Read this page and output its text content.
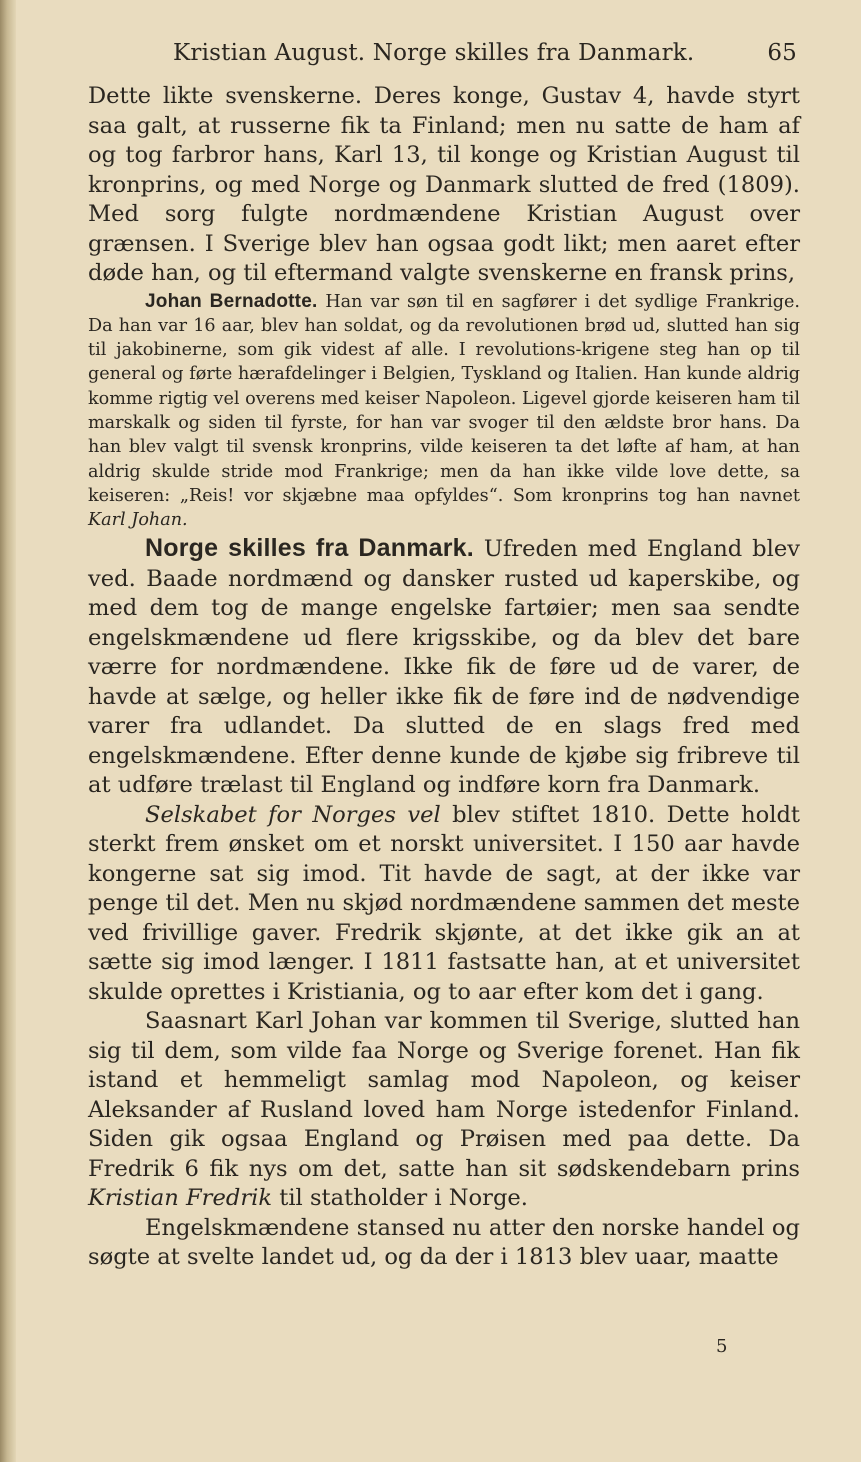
Kristian August. Norge skilles fra Danmark.	65

Dette likte svenskerne. Deres konge, Gustav 4, havde styrt saa galt, at russerne fik ta Finland; men nu satte de ham af og tog farbror hans, Karl 13, til konge og Kristian August til kronprins, og med Norge og Danmark slutted de fred (1809). Med sorg fulgte nordmændene Kristian August over grænsen. I Sverige blev han ogsaa godt likt; men aaret efter døde han, og til eftermand valgte svenskerne en fransk prins,

Johan Bernadotte. Han var søn til en sagfører i det sydlige Frankrige. Da han var 16 aar, blev han soldat, og da revolutionen brød ud, slutted han sig til jakobinerne, som gik videst af alle. I revolutions-krigene steg han op til general og førte hærafdelinger i Belgien, Tyskland og Italien. Han kunde aldrig komme rigtig vel overens med keiser Napoleon. Ligevel gjorde keiseren ham til marskalk og siden til fyrste, for han var svoger til den ældste bror hans. Da han blev valgt til svensk kronprins, vilde keiseren ta det løfte af ham, at han aldrig skulde stride mod Frankrige; men da han ikke vilde love dette, sa keiseren: „Reis! vor skjæbne maa opfyldes“. Som kronprins tog han navnet Karl Johan.

Norge skilles fra Danmark. Ufreden med England blev ved. Baade nordmænd og dansker rusted ud kaperskibe, og med dem tog de mange engelske fartøier; men saa sendte engelskmændene ud flere krigsskibe, og da blev det bare værre for nordmændene. Ikke fik de føre ud de varer, de havde at sælge, og heller ikke fik de føre ind de nødvendige varer fra udlandet. Da slutted de en slags fred med engelskmændene. Efter denne kunde de kjøbe sig fribreve til at udføre trælast til England og indføre korn fra Danmark.

Selskabet for Norges vel blev stiftet 1810. Dette holdt sterkt frem ønsket om et norskt universitet. I 150 aar havde kongerne sat sig imod. Tit havde de sagt, at der ikke var penge til det. Men nu skjød nordmændene sammen det meste ved frivillige gaver. Fredrik skjønte, at det ikke gik an at sætte sig imod længer. I 1811 fastsatte han, at et universitet skulde oprettes i Kristiania, og to aar efter kom det i gang.

Saasnart Karl Johan var kommen til Sverige, slutted han sig til dem, som vilde faa Norge og Sverige forenet. Han fik istand et hemmeligt samlag mod Napoleon, og keiser Aleksander af Rusland loved ham Norge istedenfor Finland. Siden gik ogsaa England og Prøisen med paa dette. Da Fredrik 6 fik nys om det, satte han sit sødskendebarn prins Kristian Fredrik til statholder i Norge.

Engelskmændene stansed nu atter den norske handel og søgte at svelte landet ud, og da der i 1813 blev uaar, maatte

5
